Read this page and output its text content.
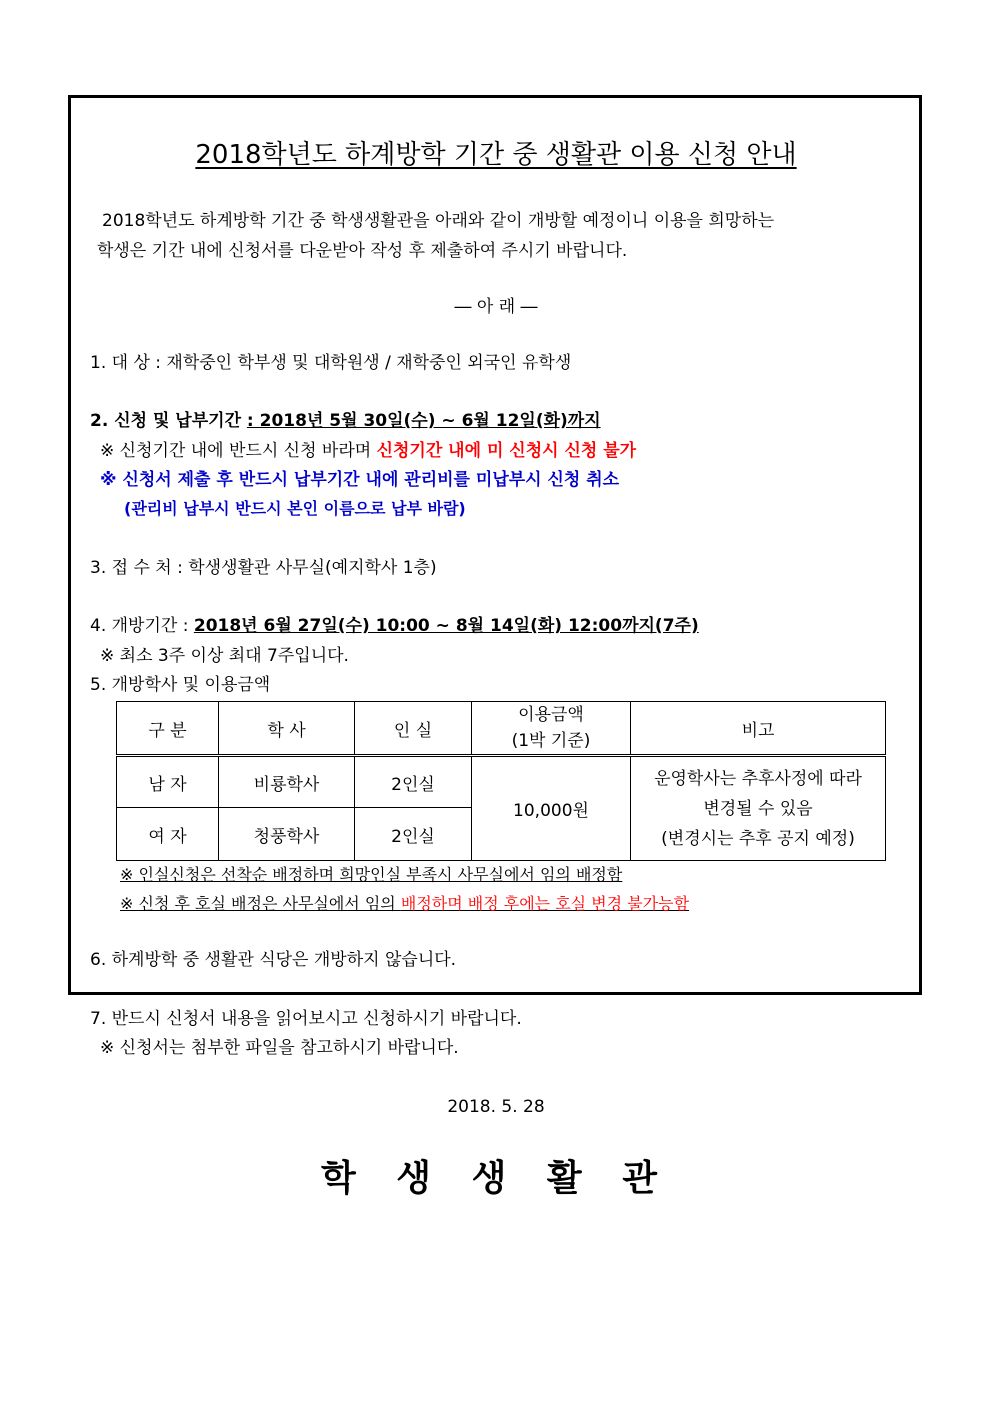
2018학년도 하계방학 기간 중 생활관 이용 신청 안내
2018학년도 하계방학 기간 중 학생생활관을 아래와 같이 개방할 예정이니 이용을 희망하는
학생은 기간 내에 신청서를 다운받아 작성 후 제출하여 주시기 바랍니다.
― 아 래 ―
1. 대 상 : 재학중인 학부생 및 대학원생 / 재학중인 외국인 유학생
2. 신청 및 납부기간 : 2018년 5월 30일(수) ~ 6월 12일(화)까지
※ 신청기간 내에 반드시 신청 바라며 신청기간 내에 미 신청시 신청 불가
※ 신청서 제출 후 반드시 납부기간 내에 관리비를 미납부시 신청 취소
(관리비 납부시 반드시 본인 이름으로 납부 바람)
3. 접 수 처 : 학생생활관 사무실(예지학사 1층)
4. 개방기간 : 2018년 6월 27일(수) 10:00 ~ 8월 14일(화) 12:00까지(7주)
※ 최소 3주 이상 최대 7주입니다.
5. 개방학사 및 이용금액
구 분	학 사	인 실	이용금액
(1박 기준)	비고
남 자	비룡학사	2인실	10,000원	운영학사는 추후사정에 따라
변경될 수 있음
(변경시는 추후 공지 예정)

여 자	청풍학사	2인실		
※ 인실신청은 선착순 배정하며 희망인실 부족시 사무실에서 임의 배정함
※ 신청 후 호실 배정은 사무실에서 임의 배정하며 배정 후에는 호실 변경 불가능함
6. 하계방학 중 생활관 식당은 개방하지 않습니다.
7. 반드시 신청서 내용을 읽어보시고 신청하시기 바랍니다.
※ 신청서는 첨부한 파일을 참고하시기 바랍니다.
2018. 5. 28
학 생 생 활 관
